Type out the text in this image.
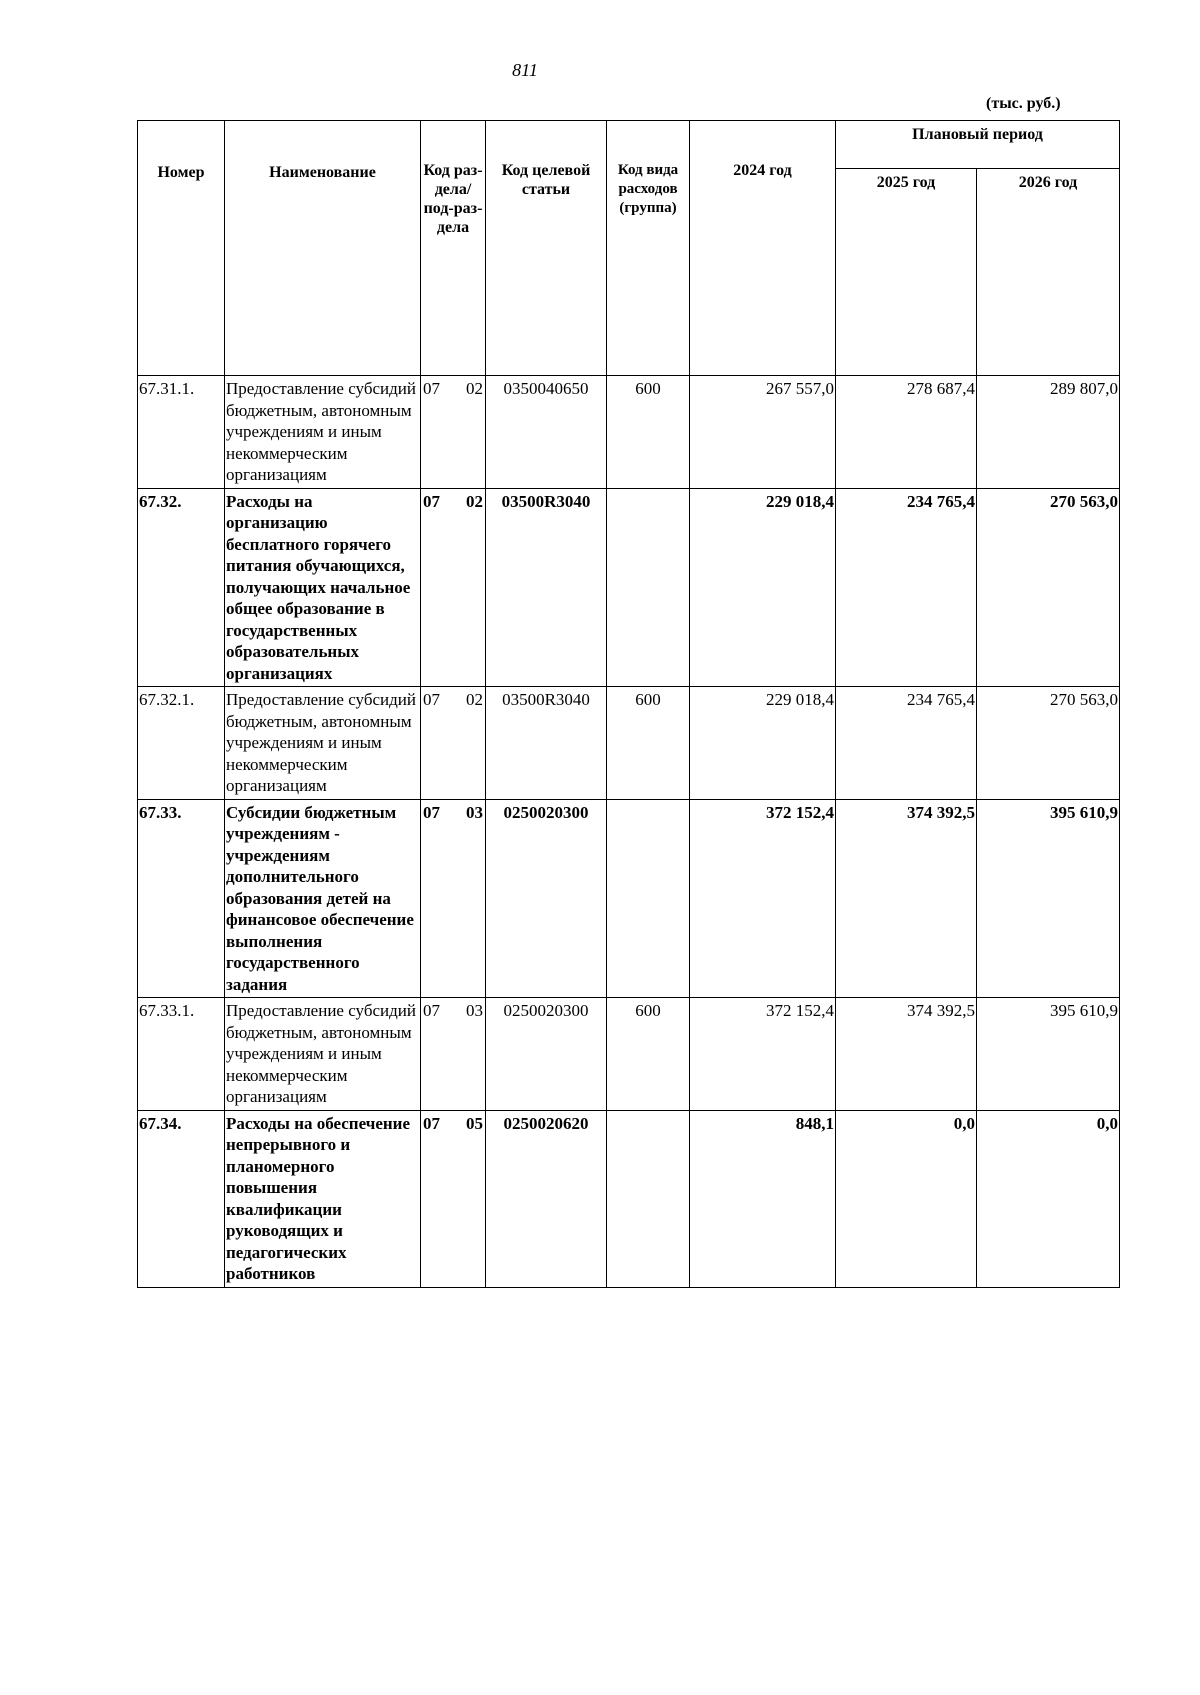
811
(тыс. руб.)
Номер	Наименование	Код раз-дела/ под-раз-дела	Код целевой статьи	Код вида расходов (группа)	2024 год	Плановый период	
						2025 год	2026 год
67.31.1.	Предоставление субсидий бюджетным, автономным учреждениям и иным некоммерческим организациям	07 02	0350040650	600	267 557,0	278 687,4	289 807,0
67.32.	Расходы на организацию бесплатного горячего питания обучающихся, получающих начальное общее образование в государственных образовательных организациях	07 02	03500R3040		229 018,4	234 765,4	270 563,0
67.32.1.	Предоставление субсидий бюджетным, автономным учреждениям и иным некоммерческим организациям	07 02	03500R3040	600	229 018,4	234 765,4	270 563,0
67.33.	Субсидии бюджетным учреждениям - учреждениям дополнительного образования детей на финансовое обеспечение выполнения государственного задания	07 03	0250020300		372 152,4	374 392,5	395 610,9
67.33.1.	Предоставление субсидий бюджетным, автономным учреждениям и иным некоммерческим организациям	07 03	0250020300	600	372 152,4	374 392,5	395 610,9
67.34.	Расходы на обеспечение непрерывного и планомерного повышения квалификации руководящих и педагогических работников	07 05	0250020620		848,1	0,0	0,0
